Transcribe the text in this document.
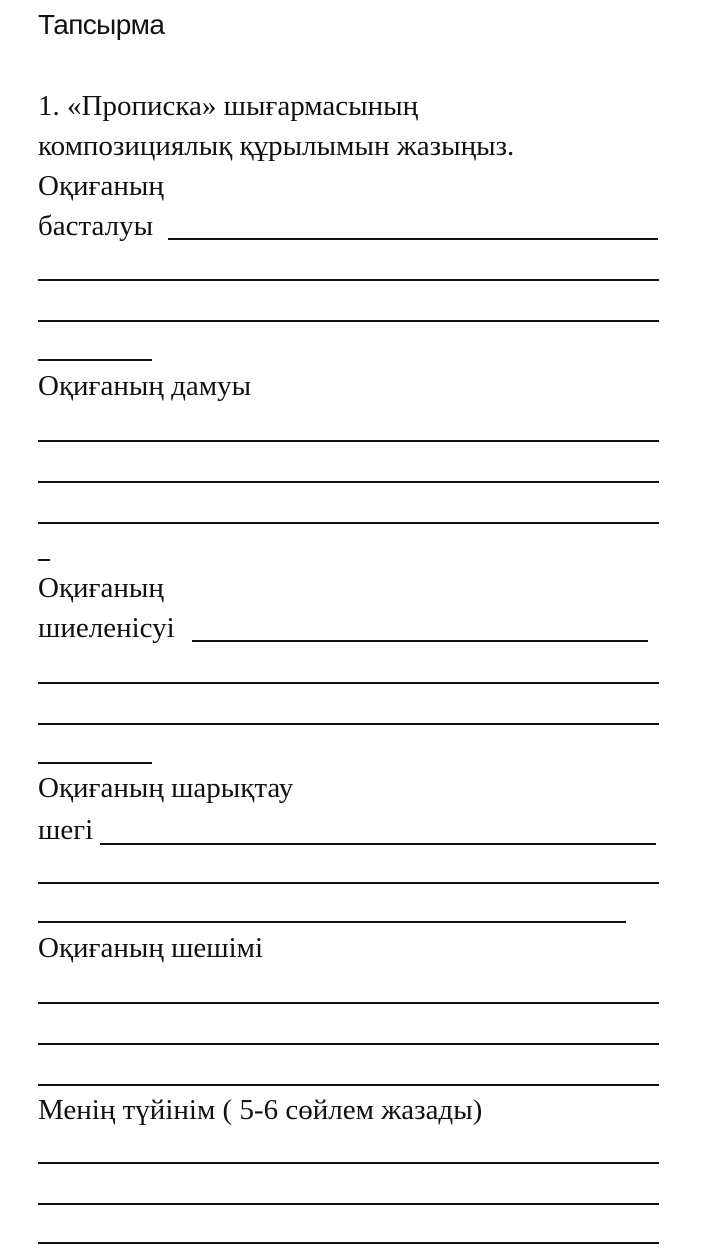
Тапсырма
1. «Прописка» шығармасының
композициялық құрылымын жазыңыз.
Оқиғаның
басталуы
Оқиғаның дамуы
Оқиғаның
шиеленісуі
Оқиғаның шарықтау
шегі
Оқиғаның шешімі
Менің түйінім ( 5-6 сөйлем жазады)
